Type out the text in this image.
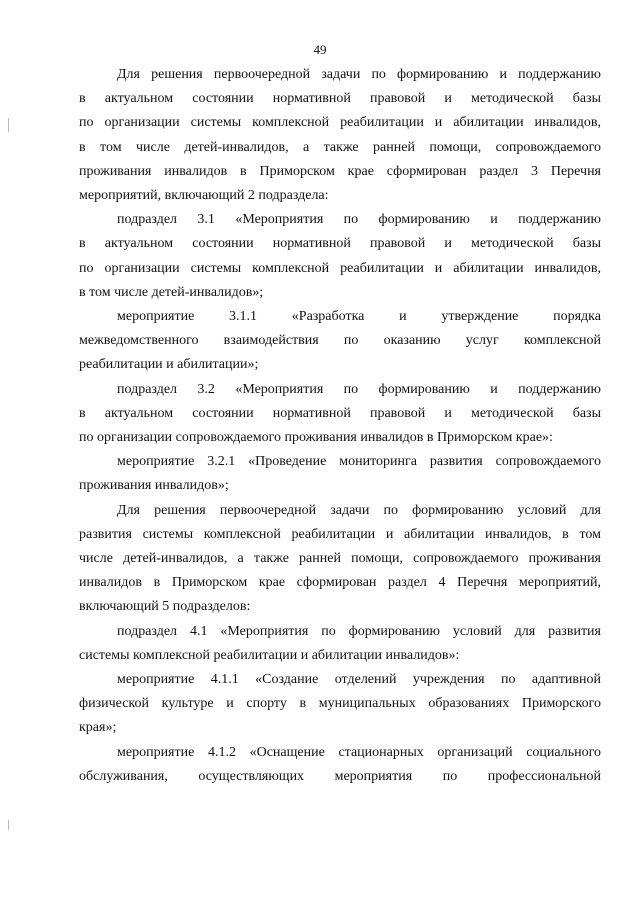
49

Для решения первоочередной задачи по формированию и поддержанию
в актуальном состоянии нормативной правовой и методической базы
по организации системы комплексной реабилитации и абилитации инвалидов,
в том числе детей-инвалидов, а также ранней помощи, сопровождаемого
проживания инвалидов в Приморском крае сформирован раздел 3 Перечня
мероприятий, включающий 2 подраздела:

подраздел 3.1 «Мероприятия по формированию и поддержанию
в актуальном состоянии нормативной правовой и методической базы
по организации системы комплексной реабилитации и абилитации инвалидов,
в том числе детей-инвалидов»;

мероприятие 3.1.1 «Разработка и утверждение порядка
межведомственного взаимодействия по оказанию услуг комплексной
реабилитации и абилитации»;

подраздел 3.2 «Мероприятия по формированию и поддержанию
в актуальном состоянии нормативной правовой и методической базы
по организации сопровождаемого проживания инвалидов в Приморском крае»:

мероприятие 3.2.1 «Проведение мониторинга развития сопровождаемого
проживания инвалидов»;

Для решения первоочередной задачи по формированию условий для
развития системы комплексной реабилитации и абилитации инвалидов, в том
числе детей-инвалидов, а также ранней помощи, сопровождаемого проживания
инвалидов в Приморском крае сформирован раздел 4 Перечня мероприятий,
включающий 5 подразделов:

подраздел 4.1 «Мероприятия по формированию условий для развития
системы комплексной реабилитации и абилитации инвалидов»:

мероприятие 4.1.1 «Создание отделений учреждения по адаптивной
физической культуре и спорту в муниципальных образованиях Приморского
края»;

мероприятие 4.1.2 «Оснащение стационарных организаций социального
обслуживания, осуществляющих мероприятия по профессиональной
